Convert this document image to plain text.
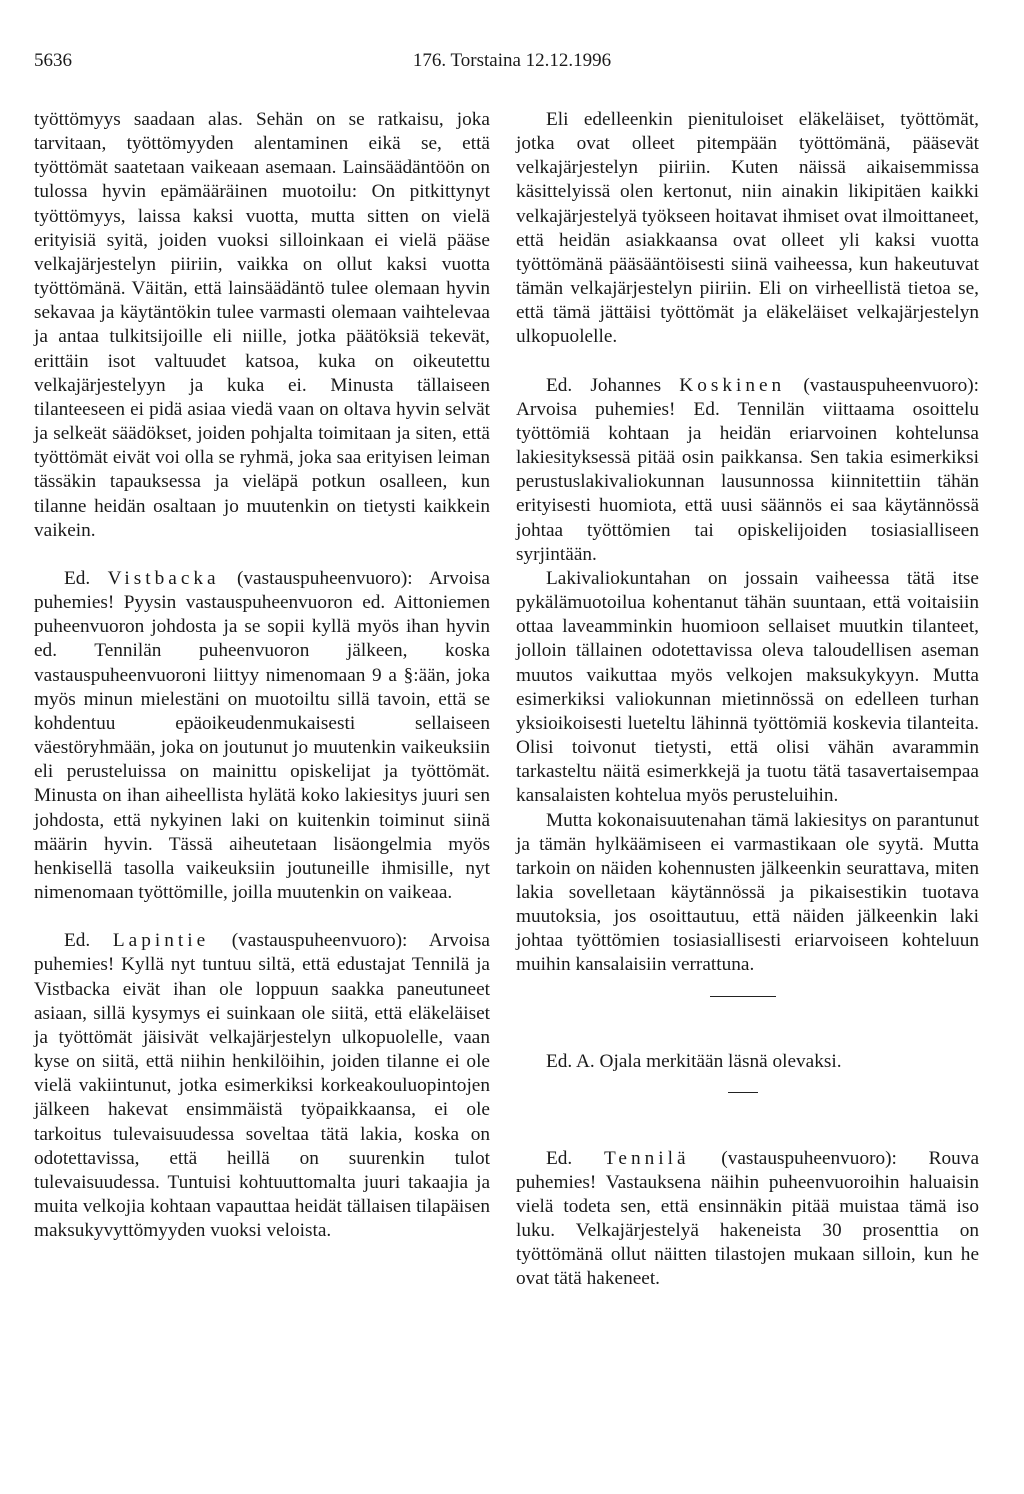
5636	176. Torstaina 12.12.1996

työttömyys saadaan alas. Sehän on se ratkaisu, joka tarvitaan, työttömyyden alentaminen eikä se, että työttömät saatetaan vaikeaan asemaan. Lainsäädäntöön on tulossa hyvin epämääräinen muotoilu: On pitkittynyt työttömyys, laissa kaksi vuotta, mutta sitten on vielä erityisiä syitä, joiden vuoksi silloinkaan ei vielä pääse velkajärjestelyn piiriin, vaikka on ollut kaksi vuotta työttömänä. Väitän, että lainsäädäntö tulee olemaan hyvin sekavaa ja käytäntökin tulee varmasti olemaan vaihtelevaa ja antaa tulkitsijoille eli niille, jotka päätöksiä tekevät, erittäin isot valtuudet katsoa, kuka on oikeutettu velkajärjestelyyn ja kuka ei. Minusta tällaiseen tilanteeseen ei pidä asiaa viedä vaan on oltava hyvin selvät ja selkeät säädökset, joiden pohjalta toimitaan ja siten, että työttömät eivät voi olla se ryhmä, joka saa erityisen leiman tässäkin tapauksessa ja vieläpä potkun osalleen, kun tilanne heidän osaltaan jo muutenkin on tietysti kaikkein vaikein.

Ed. Vistbacka (vastauspuheenvuoro): Arvoisa puhemies! Pyysin vastauspuheenvuoron ed. Aittoniemen puheenvuoron johdosta ja se sopii kyllä myös ihan hyvin ed. Tennilän puheenvuoron jälkeen, koska vastauspuheenvuoroni liittyy nimenomaan 9 a §:ään, joka myös minun mielestäni on muotoiltu sillä tavoin, että se kohdentuu epäoikeudenmukaisesti sellaiseen väestöryhmään, joka on joutunut jo muutenkin vaikeuksiin eli perusteluissa on mainittu opiskelijat ja työttömät. Minusta on ihan aiheellista hylätä koko lakiesitys juuri sen johdosta, että nykyinen laki on kuitenkin toiminut siinä määrin hyvin. Tässä aiheutetaan lisäongelmia myös henkisellä tasolla vaikeuksiin joutuneille ihmisille, nyt nimenomaan työttömille, joilla muutenkin on vaikeaa.

Ed. Lapintie (vastauspuheenvuoro): Arvoisa puhemies! Kyllä nyt tuntuu siltä, että edustajat Tennilä ja Vistbacka eivät ihan ole loppuun saakka paneutuneet asiaan, sillä kysymys ei suinkaan ole siitä, että eläkeläiset ja työttömät jäisivät velkajärjestelyn ulkopuolelle, vaan kyse on siitä, että niihin henkilöihin, joiden tilanne ei ole vielä vakiintunut, jotka esimerkiksi korkeakouluopintojen jälkeen hakevat ensimmäistä työpaikkaansa, ei ole tarkoitus tulevaisuudessa soveltaa tätä lakia, koska on odotettavissa, että heillä on suurenkin tulot tulevaisuudessa. Tuntuisi kohtuuttomalta juuri takaajia ja muita velkojia kohtaan vapauttaa heidät tällaisen tilapäisen maksukyvyttömyyden vuoksi veloista.

Eli edelleenkin pienituloiset eläkeläiset, työttömät, jotka ovat olleet pitempään työttömänä, pääsevät velkajärjestelyn piiriin. Kuten näissä aikaisemmissa käsittelyissä olen kertonut, niin ainakin likipitäen kaikki velkajärjestelyä työkseen hoitavat ihmiset ovat ilmoittaneet, että heidän asiakkaansa ovat olleet yli kaksi vuotta työttömänä pääsääntöisesti siinä vaiheessa, kun hakeutuvat tämän velkajärjestelyn piiriin. Eli on virheellistä tietoa se, että tämä jättäisi työttömät ja eläkeläiset velkajärjestelyn ulkopuolelle.

Ed. Johannes Koskinen (vastauspuheenvuoro): Arvoisa puhemies! Ed. Tennilän viittaama osoittelu työttömiä kohtaan ja heidän eriarvoinen kohtelunsa lakiesityksessä pitää osin paikkansa. Sen takia esimerkiksi perustuslakivaliokunnan lausunnossa kiinnitettiin tähän erityisesti huomiota, että uusi säännös ei saa käytännössä johtaa työttömien tai opiskelijoiden tosiasialliseen syrjintään.

Lakivaliokuntahan on jossain vaiheessa tätä itse pykälämuotoilua kohentanut tähän suuntaan, että voitaisiin ottaa laveamminkin huomioon sellaiset muutkin tilanteet, jolloin tällainen odotettavissa oleva taloudellisen aseman muutos vaikuttaa myös velkojen maksukykyyn. Mutta esimerkiksi valiokunnan mietinnössä on edelleen turhan yksioikoisesti lueteltu lähinnä työttömiä koskevia tilanteita. Olisi toivonut tietysti, että olisi vähän avarammin tarkasteltu näitä esimerkkejä ja tuotu tätä tasavertaisempaa kansalaisten kohtelua myös perusteluihin.

Mutta kokonaisuutenahan tämä lakiesitys on parantunut ja tämän hylkäämiseen ei varmastikaan ole syytä. Mutta tarkoin on näiden kohennusten jälkeenkin seurattava, miten lakia sovelletaan käytännössä ja pikaisestikin tuotava muutoksia, jos osoittautuu, että näiden jälkeenkin laki johtaa työttömien tosiasiallisesti eriarvoiseen kohteluun muihin kansalaisiin verrattuna.

Ed. A. Ojala merkitään läsnä olevaksi.

Ed. Tennilä (vastauspuheenvuoro): Rouva puhemies! Vastauksena näihin puheenvuoroihin haluaisin vielä todeta sen, että ensinnäkin pitää muistaa tämä iso luku. Velkajärjestelyä hakeneista 30 prosenttia on työttömänä ollut näitten tilastojen mukaan silloin, kun he ovat tätä hakeneet.
